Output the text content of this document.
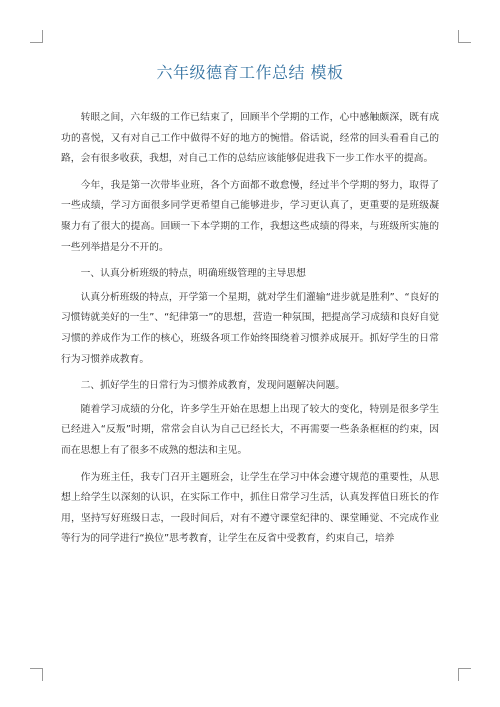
六年级德育工作总结 模板

转眼之间，六年级的工作已结束了，回顾半个学期的工作，心中感触颇深，既有成功的喜悦，又有对自己工作中做得不好的地方的惋惜。俗话说，经常的回头看看自己的路，会有很多收获，我想，对自己工作的总结应该能够促进我下一步工作水平的提高。

今年，我是第一次带毕业班，各个方面都不敢怠慢，经过半个学期的努力，取得了一些成绩，学习方面很多同学更希望自己能够进步，学习更认真了，更重要的是班级凝聚力有了很大的提高。回顾一下本学期的工作，我想这些成绩的得来，与班级所实施的一些列举措是分不开的。

一、认真分析班级的特点，明确班级管理的主导思想

认真分析班级的特点，开学第一个星期，就对学生们灌输“进步就是胜利”、“良好的习惯铸就美好的一生”、“纪律第一”的思想，营造一种氛围，把提高学习成绩和良好自觉习惯的养成作为工作的核心，班级各项工作始终围绕着习惯养成展开。抓好学生的日常行为习惯养成教育。

二、抓好学生的日常行为习惯养成教育，发现问题解决问题。

随着学习成绩的分化，许多学生开始在思想上出现了较大的变化，特别是很多学生已经进入“反叛”时期，常常会自认为自己已经长大，不再需要一些条条框框的约束，因而在思想上有了很多不成熟的想法和主见。

作为班主任，我专门召开主题班会，让学生在学习中体会遵守规范的重要性，从思想上给学生以深刻的认识，在实际工作中，抓住日常学习生活，认真发挥值日班长的作用，坚持写好班级日志，一段时间后，对有不遵守课堂纪律的、课堂睡觉、不完成作业等行为的同学进行“换位”思考教育，让学生在反省中受教育，约束自己，培养
